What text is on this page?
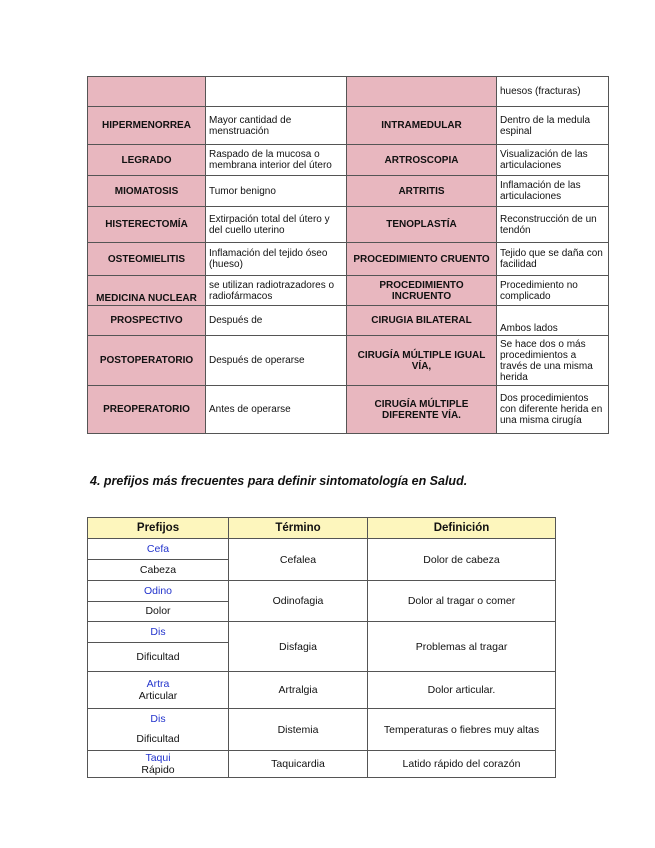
			huesos (fracturas)
HIPERMENORREA	Mayor cantidad de menstruación	INTRAMEDULAR	Dentro de la medula espinal
LEGRADO	Raspado de la mucosa o membrana interior del útero	ARTROSCOPIA	Visualización de las articulaciones
MIOMATOSIS	Tumor benigno	ARTRITIS	Inflamación de las articulaciones
HISTERECTOMÍA	Extirpación total del útero y del cuello uterino	TENOPLASTÍA	Reconstrucción de un tendón
OSTEOMIELITIS	Inflamación del tejido óseo (hueso)	PROCEDIMIENTO CRUENTO	Tejido que se daña con facilidad
MEDICINA NUCLEAR	se utilizan radiotrazadores o radiofármacos	PROCEDIMIENTO INCRUENTO	Procedimiento no complicado
PROSPECTIVO	Después de	CIRUGIA BILATERAL	Ambos lados
POSTOPERATORIO	Después de operarse	CIRUGÍA MÚLTIPLE IGUAL VÍA,	Se hace dos o más procedimientos a través de una misma herida
PREOPERATORIO	Antes de operarse	CIRUGÍA MÚLTIPLE DIFERENTE VÍA.	Dos procedimientos con diferente herida en una misma cirugía

4. prefijos más frecuentes para definir sintomatología en Salud.

Prefijos	Término	Definición

Cefa
Cabeza	Cefalea	Dolor de cabeza

Odino
Dolor	Odinofagia	Dolor al tragar o comer

Dis
Dificultad	Disfagia	Problemas al tragar

Artra
Articular	Artralgia	Dolor articular.

Dis
Dificultad	Distemia	Temperaturas o fiebres muy altas

Taqui
Rápido	Taquicardia	Latido rápido del corazón
